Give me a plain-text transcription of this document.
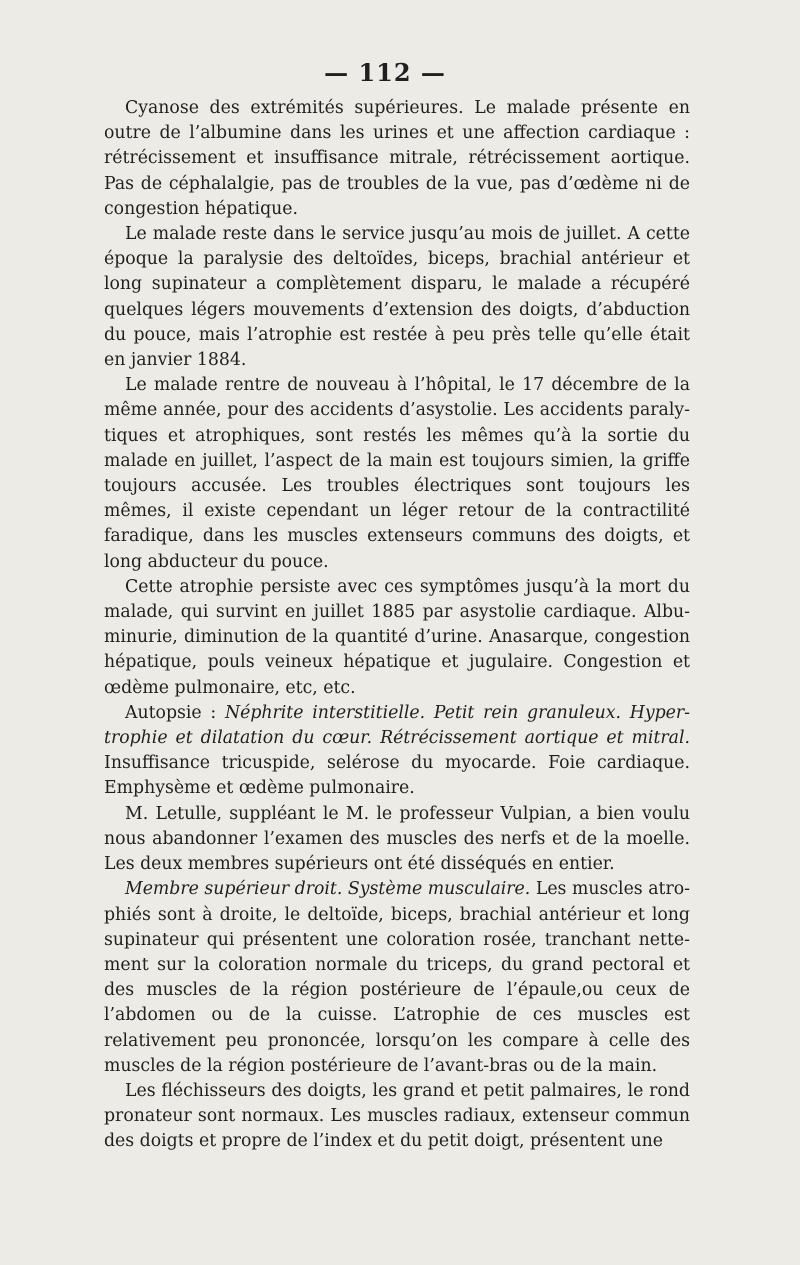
— 112 —

Cyanose des extrémités supérieures. Le malade présente en outre de l’albumine dans les urines et une affection cardiaque : rétrécissement et insuffisance mitrale, rétrécissement aortique. Pas de céphalalgie, pas de troubles de la vue, pas d’œdème ni de congestion hépatique.

Le malade reste dans le service jusqu’au mois de juillet. A cette époque la paralysie des deltoïdes, biceps, brachial antérieur et long supinateur a complètement disparu, le malade a récupéré quelques légers mouvements d’extension des doigts, d’abduction du pouce, mais l’atrophie est restée à peu près telle qu’elle était en janvier 1884.

Le malade rentre de nouveau à l’hôpital, le 17 décembre de la même année, pour des accidents d’asystolie. Les accidents paralytiques et atrophiques, sont restés les mêmes qu’à la sortie du malade en juillet, l’aspect de la main est toujours simien, la griffe toujours accusée. Les troubles électriques sont toujours les mêmes, il existe cependant un léger retour de la contractilité faradique, dans les muscles extenseurs communs des doigts, et long abducteur du pouce.

Cette atrophie persiste avec ces symptômes jusqu’à la mort du malade, qui survint en juillet 1885 par asystolie cardiaque. Albuminurie, diminution de la quantité d’urine. Anasarque, congestion hépatique, pouls veineux hépatique et jugulaire. Congestion et œdème pulmonaire, etc, etc.

Autopsie : Néphrite interstitielle. Petit rein granuleux. Hypertrophie et dilatation du cœur. Rétrécissement aortique et mitral. Insuffisance tricuspide, selérose du myocarde. Foie cardiaque. Emphysème et œdème pulmonaire.

M. Letulle, suppléant le M. le professeur Vulpian, a bien voulu nous abandonner l’examen des muscles des nerfs et de la moelle. Les deux membres supérieurs ont été disséqués en entier.

Membre supérieur droit. Système musculaire. Les muscles atrophiés sont à droite, le deltoïde, biceps, brachial antérieur et long supinateur qui présentent une coloration rosée, tranchant nettement sur la coloration normale du triceps, du grand pectoral et des muscles de la région postérieure de l’épaule,ou ceux de l’abdomen ou de la cuisse. L’atrophie de ces muscles est relativement peu prononcée, lorsqu’on les compare à celle des muscles de la région postérieure de l’avant-bras ou de la main.

Les fléchisseurs des doigts, les grand et petit palmaires, le rond pronateur sont normaux. Les muscles radiaux, extenseur commun des doigts et propre de l’index et du petit doigt, présentent une
